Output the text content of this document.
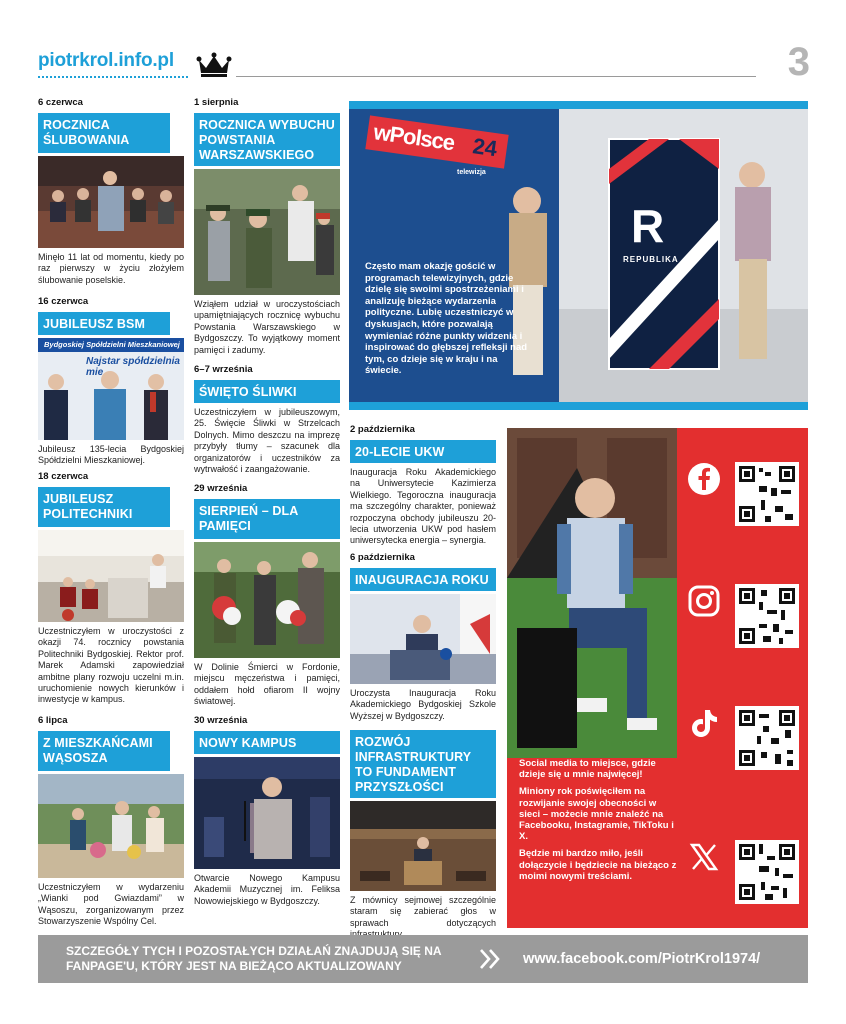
piotrkrol.info.pl	3
6 czerwca
ROCZNICA ŚLUBOWANIA
Minęło 11 lat od momentu, kiedy po raz pierwszy w życiu złożyłem ślubowanie poselskie.
16 czerwca
JUBILEUSZ BSM
Bydgoskiej Spółdzielni Mieszkaniowej
Najstar spółdzielnia mie
Jubileusz 135-lecia Bydgoskiej Spółdzielni Mieszkaniowej.
18 czerwca
JUBILEUSZ POLITECHNIKI
Uczestniczyłem w uroczystości z okazji 74. rocznicy powstania Politechniki Bydgoskiej. Rektor prof. Marek Adamski zapowiedział ambitne plany rozwoju uczelni m.in. uruchomienie nowych kierunków i inwestycje w kampus.
6 lipca
Z MIESZKAŃCAMI WĄSOSZA
Uczestniczyłem w wydarzeniu „Wianki pod Gwiazdami” w Wąsoszu, zorganizowanym przez Stowarzyszenie Wspólny Cel.
1 sierpnia
ROCZNICA WYBUCHU POWSTANIA WARSZAWSKIEGO
Wziąłem udział w uroczystościach upamiętniających rocznicę wybuchu Powstania Warszawskiego w Bydgoszczy. To wyjątkowy moment pamięci i zadumy.
6–7 września
ŚWIĘTO ŚLIWKI
Uczestniczyłem w jubileuszowym, 25. Święcie Śliwki w Strzelcach Dolnych. Mimo deszczu na imprezę przybyły tłumy – szacunek dla organizatorów i uczestników za wytrwałość i zaangażowanie.
29 września
SIERPIEŃ – DLA PAMIĘCI
W Dolinie Śmierci w Fordonie, miejscu męczeństwa i pamięci, oddałem hołd ofiarom II wojny światowej.
30 września
NOWY KAMPUS
Otwarcie Nowego Kampusu Akademii Muzycznej im. Feliksa Nowowiejskiego w Bydgoszczy.
wPolsce 24
telewizja
R
REPUBLIKA
Często mam okazję gościć w programach telewizyjnych, gdzie dzielę się swoimi spostrzeżeniami i analizuję bieżące wydarzenia polityczne. Lubię uczestniczyć w dyskusjach, które pozwalają wymieniać różne punkty widzenia i inspirować do głębszej refleksji nad tym, co dzieje się w kraju i na świecie.
2 października
20-LECIE UKW
Inauguracja Roku Akademickiego na Uniwersytecie Kazimierza Wielkiego. Tegoroczna inauguracja ma szczególny charakter, ponieważ rozpoczyna obchody jubileuszu 20-lecia utworzenia UKW pod hasłem uniwersytecka energia – synergia.
6 października
INAUGURACJA ROKU
Uroczysta Inauguracja Roku Akademickiego Bydgoskiej Szkole Wyższej w Bydgoszczy.
ROZWÓJ INFRASTRUKTURY TO FUNDAMENT PRZYSZŁOŚCI
Z mównicy sejmowej szczególnie staram się zabierać głos w sprawach dotyczących

Social media to miejsce, gdzie dzieje się u mnie najwięcej!

Miniony rok poświęciłem na rozwijanie swojej obecności w sieci – możecie mnie znaleźć na Facebooku, Instagramie, TikToku i X.

Będzie mi bardzo miło, jeśli dołączycie i będziecie na bieżąco z moimi nowymi treściami.

SZCZEGÓŁY TYCH I POZOSTAŁYCH DZIAŁAŃ ZNAJDUJĄ SIĘ NA FANPAGE'U, KTÓRY JEST NA BIEŻĄCO AKTUALIZOWANY	www.facebook.com/PiotrKrol1974/
